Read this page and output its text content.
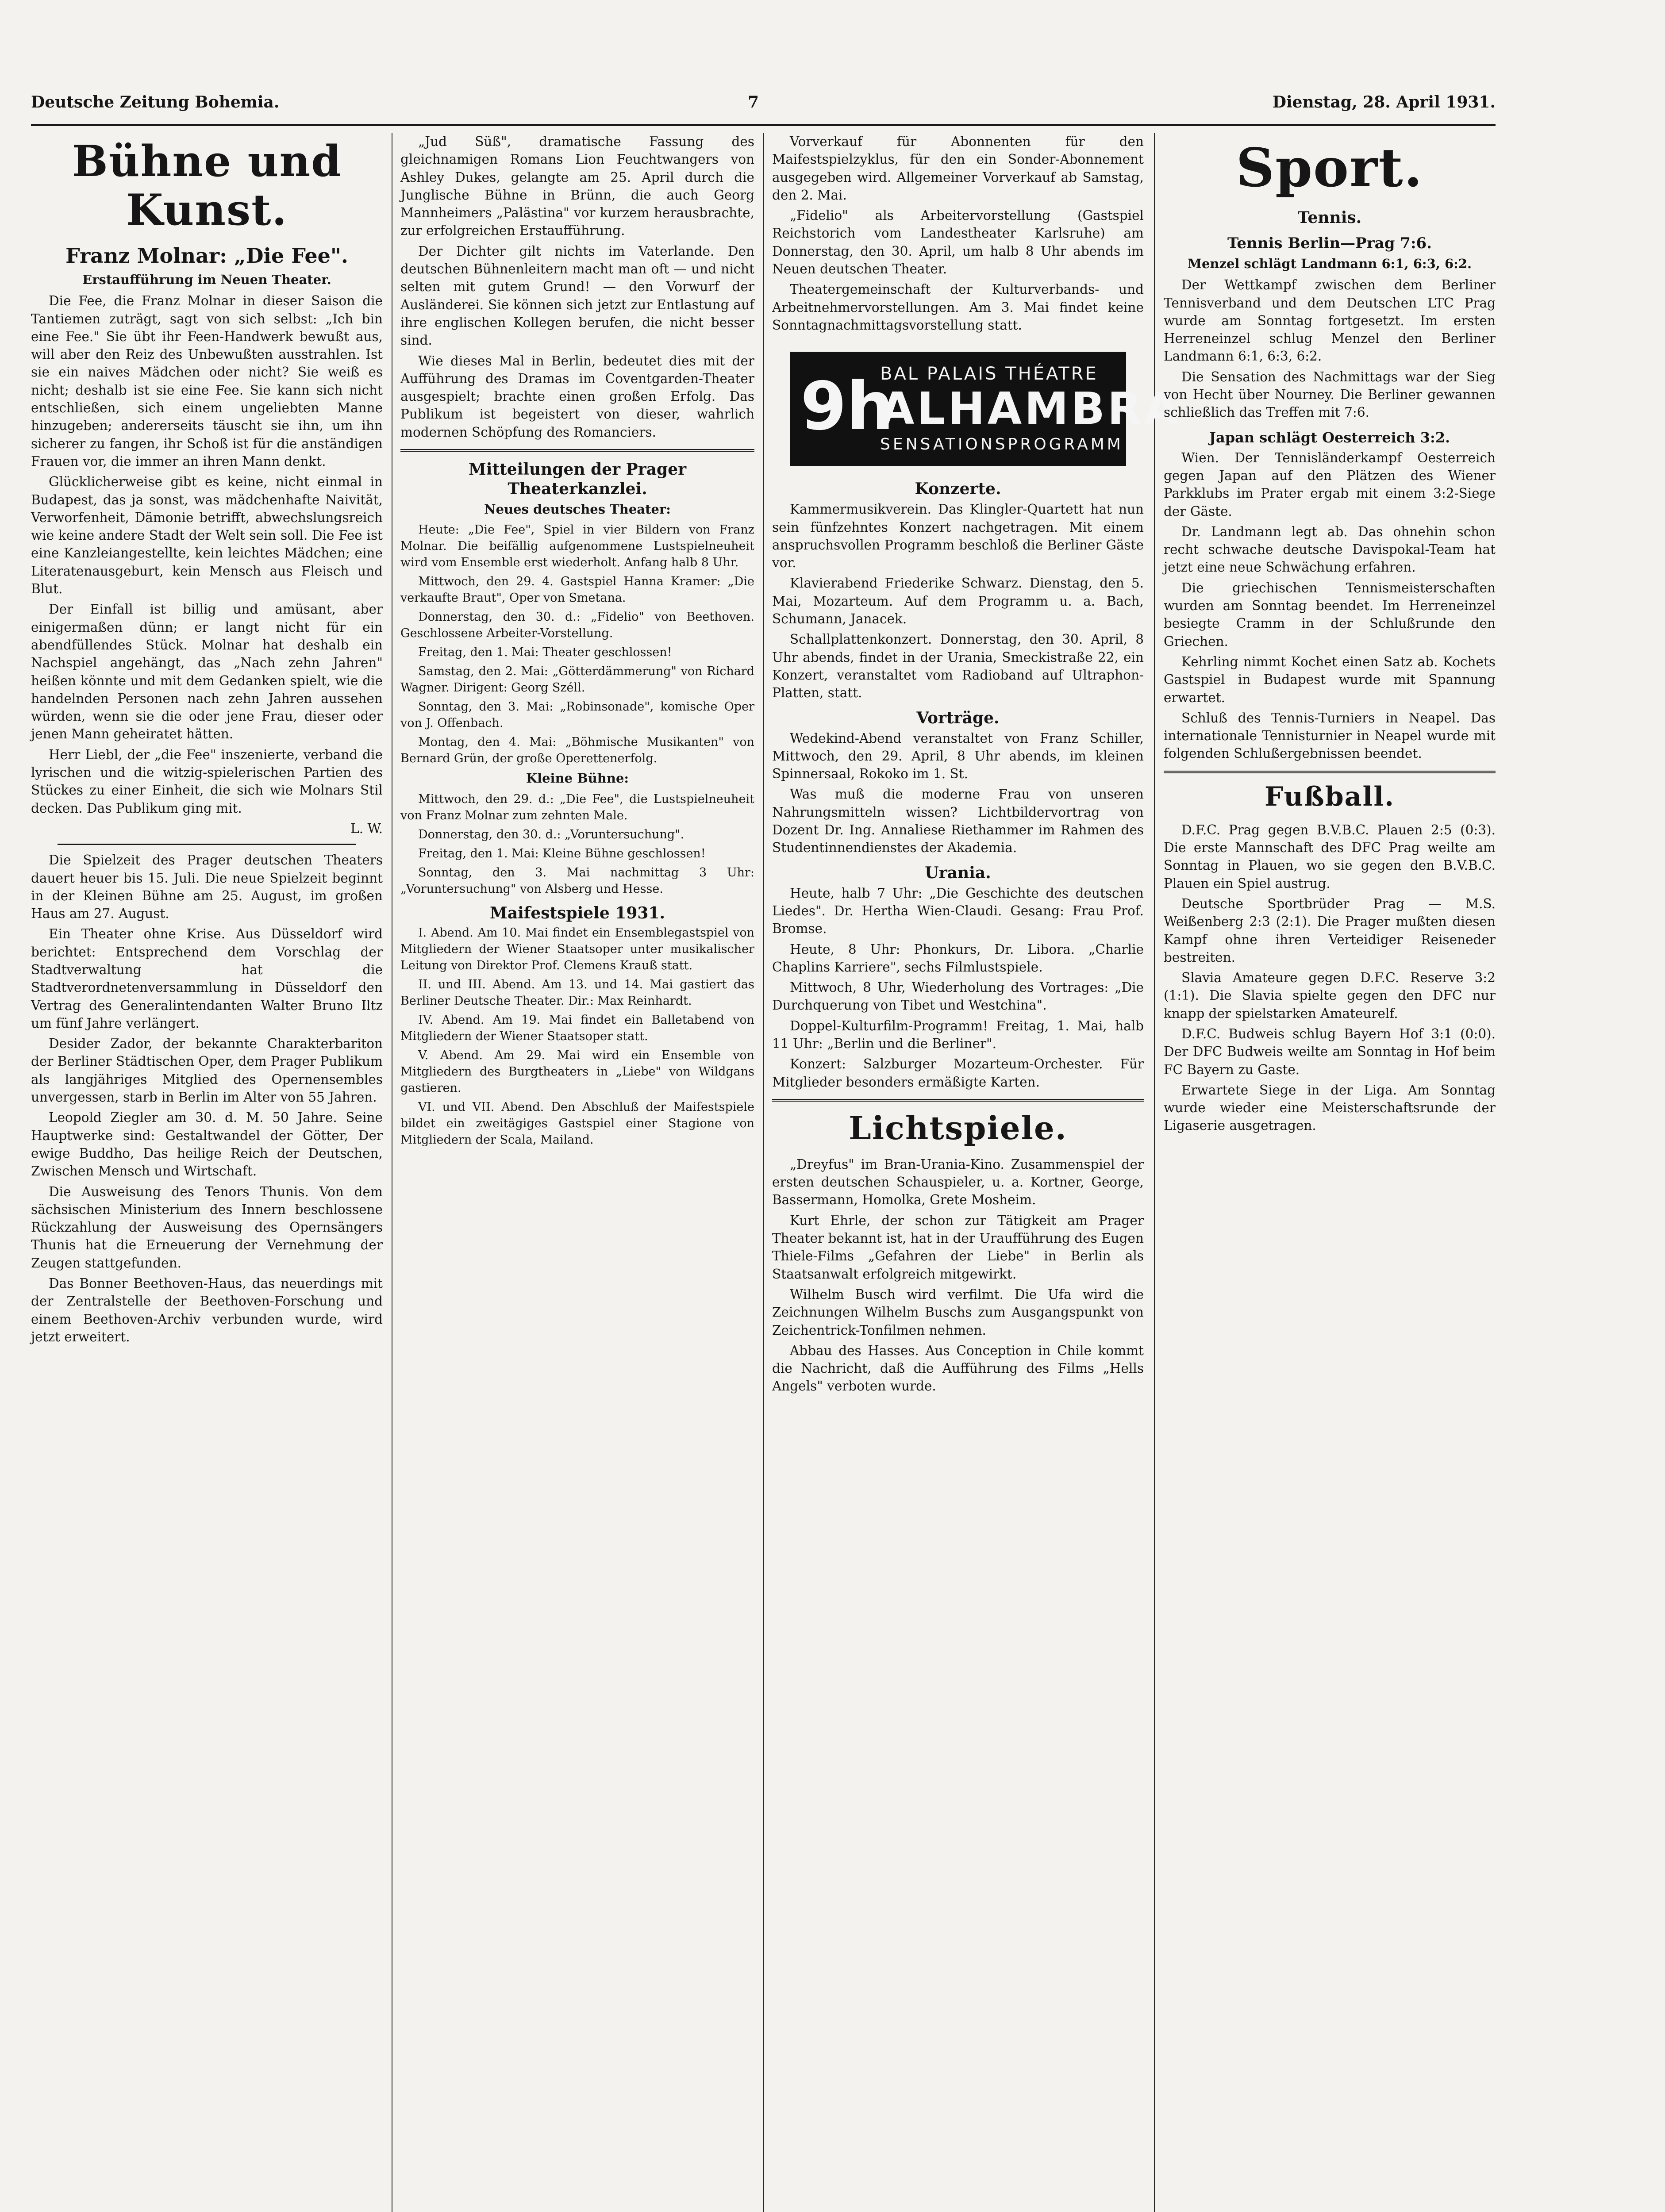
Deutsche Zeitung Bohemia.	7	Dienstag, 28. April 1931.
Bühne und Kunst.
Franz Molnar: „Die Fee".
Erstaufführung im Neuen Theater.

Die Fee, die Franz Molnar in dieser Saison die Tantiemen zuträgt, sagt von sich selbst: „Ich bin eine Fee." Sie übt ihr Feen-Handwerk bewußt aus, will aber den Reiz des Unbewußten ausstrahlen. Ist sie ein naives Mädchen oder nicht? Sie weiß es nicht; deshalb ist sie eine Fee. Sie kann sich nicht entschließen, sich einem ungeliebten Manne hinzugeben; andererseits täuscht sie ihn, um ihn sicherer zu fangen, ihr Schoß ist für die anständigen Frauen vor, die immer an ihren Mann denkt.

Glücklicherweise gibt es keine, nicht einmal in Budapest, das ja sonst, was mädchenhafte Naivität, Verworfenheit, Dämonie betrifft, abwechslungsreich wie keine andere Stadt der Welt sein soll. Die Fee ist eine Kanzleiangestellte, kein leichtes Mädchen; eine Literatenausgeburt, kein Mensch aus Fleisch und Blut.

Der Einfall ist billig und amüsant, aber einigermaßen dünn; er langt nicht für ein abendfüllendes Stück. Molnar hat deshalb ein Nachspiel angehängt, das „Nach zehn Jahren" heißen könnte und mit dem Gedanken spielt, wie die handelnden Personen nach zehn Jahren aussehen würden, wenn sie die oder jene Frau, dieser oder jenen Mann geheiratet hätten.

Herr Liebl, der „die Fee" inszenierte, verband die lyrischen und die witzig-spielerischen Partien des Stückes zu einer Einheit, die sich wie Molnars Stil decken. Das Publikum ging mit.

L. W.

Die Spielzeit des Prager deutschen Theaters dauert heuer bis 15. Juli. Die neue Spielzeit beginnt in der Kleinen Bühne am 25. August, im großen Haus am 27. August.

Ein Theater ohne Krise. Aus Düsseldorf wird berichtet: Entsprechend dem Vorschlag der Stadtverwaltung hat die Stadtverordnetenversammlung in Düsseldorf den Vertrag des Generalintendanten Walter Bruno Iltz um fünf Jahre verlängert.

Desider Zador, der bekannte Charakterbariton der Berliner Städtischen Oper, dem Prager Publikum als langjähriges Mitglied des Opernensembles unvergessen, starb in Berlin im Alter von 55 Jahren.

Leopold Ziegler am 30. d. M. 50 Jahre. Seine Hauptwerke sind: Gestaltwandel der Götter, Der ewige Buddho, Das heilige Reich der Deutschen, Zwischen Mensch und Wirtschaft.

Die Ausweisung des Tenors Thunis. Von dem sächsischen Ministerium des Innern beschlossene Rückzahlung der Ausweisung des Opernsängers Thunis hat die Erneuerung der Vernehmung der Zeugen stattgefunden.

Das Bonner Beethoven-Haus, das neuerdings mit der Zentralstelle der Beethoven-Forschung und einem Beethoven-Archiv verbunden wurde, wird jetzt erweitert.

„Jud Süß", dramatische Fassung des gleichnamigen Romans Lion Feuchtwangers von Ashley Dukes, gelangte am 25. April durch die Junglische Bühne in Brünn, die auch Georg Mannheimers „Palästina" vor kurzem herausbrachte, zur erfolgreichen Erstaufführung.

Der Dichter gilt nichts im Vaterlande. Den deutschen Bühnenleitern macht man oft — und nicht selten mit gutem Grund! — den Vorwurf der Ausländerei. Sie können sich jetzt zur Entlastung auf ihre englischen Kollegen berufen, die nicht besser sind.

Wie dieses Mal in Berlin, bedeutet dies mit der Aufführung des Dramas im Coventgarden-Theater ausgespielt; brachte einen großen Erfolg. Das Publikum ist begeistert von dieser, wahrlich modernen Schöpfung des Romanciers.

Mitteilungen der Prager Theaterkanzlei.
Neues deutsches Theater:

Heute: „Die Fee", Spiel in vier Bildern von Franz Molnar. Die beifällig aufgenommene Lustspielneuheit wird vom Ensemble erst wiederholt. Anfang halb 8 Uhr.

Mittwoch, den 29. 4. Gastspiel Hanna Kramer: „Die verkaufte Braut", Oper von Smetana.

Donnerstag, den 30. d.: „Fidelio" von Beethoven. Geschlossene Arbeiter-Vorstellung.

Freitag, den 1. Mai: Theater geschlossen!

Samstag, den 2. Mai: „Götterdämmerung" von Richard Wagner. Dirigent: Georg Széll.

Sonntag, den 3. Mai: „Robinsonade", komische Oper von J. Offenbach.

Montag, den 4. Mai: „Böhmische Musikanten" von Bernard Grün, der große Operettenerfolg.

Kleine Bühne:

Mittwoch, den 29. d.: „Die Fee", die Lustspielneuheit von Franz Molnar zum zehnten Male.

Donnerstag, den 30. d.: „Voruntersuchung".

Freitag, den 1. Mai: Kleine Bühne geschlossen!

Sonntag, den 3. Mai nachmittag 3 Uhr: „Voruntersuchung" von Alsberg und Hesse.

Maifestspiele 1931.

I. Abend. Am 10. Mai findet ein Ensemblegastspiel von Mitgliedern der Wiener Staatsoper unter musikalischer Leitung von Direktor Prof. Clemens Krauß statt.

II. und III. Abend. Am 13. und 14. Mai gastiert das Berliner Deutsche Theater. Dir.: Max Reinhardt.

IV. Abend. Am 19. Mai findet ein Balletabend von Mitgliedern der Wiener Staatsoper statt.

V. Abend. Am 29. Mai wird ein Ensemble von Mitgliedern des Burgtheaters in „Liebe" von Wildgans gastieren.

VI. und VII. Abend. Den Abschluß der Maifestspiele bildet ein zweitägiges Gastspiel einer Stagione von Mitgliedern der Scala, Mailand.

Vorverkauf für Abonnenten für den Maifestspielzyklus, für den ein Sonder-Abonnement ausgegeben wird. Allgemeiner Vorverkauf ab Samstag, den 2. Mai.

„Fidelio" als Arbeitervorstellung (Gastspiel Reichstorich vom Landestheater Karlsruhe) am Donnerstag, den 30. April, um halb 8 Uhr abends im Neuen deutschen Theater.

Theatergemeinschaft der Kulturverbands- und Arbeitnehmervorstellungen. Am 3. Mai findet keine Sonntagnachmittagsvorstellung statt.

9h
BAL PALAIS THÉATRE
ALHAMBRA
SENSATIONSPROGRAMM
Konzerte.

Kammermusikverein. Das Klingler-Quartett hat nun sein fünfzehntes Konzert nachgetragen. Mit einem anspruchsvollen Programm beschloß die Berliner Gäste vor.

Klavierabend Friederike Schwarz. Dienstag, den 5. Mai, Mozarteum. Auf dem Programm u. a. Bach, Schumann, Janacek.

Schallplattenkonzert. Donnerstag, den 30. April, 8 Uhr abends, findet in der Urania, Smeckistraße 22, ein Konzert, veranstaltet vom Radioband auf Ultraphon-Platten, statt.

Vorträge.

Wedekind-Abend veranstaltet von Franz Schiller, Mittwoch, den 29. April, 8 Uhr abends, im kleinen Spinnersaal, Rokoko im 1. St.

Was muß die moderne Frau von unseren Nahrungsmitteln wissen? Lichtbildervortrag von Dozent Dr. Ing. Annaliese Riethammer im Rahmen des Studentinnendienstes der Akademia.

Urania.

Heute, halb 7 Uhr: „Die Geschichte des deutschen Liedes". Dr. Hertha Wien-Claudi. Gesang: Frau Prof. Bromse.

Heute, 8 Uhr: Phonkurs, Dr. Libora. „Charlie Chaplins Karriere", sechs Filmlustspiele.

Mittwoch, 8 Uhr, Wiederholung des Vortrages: „Die Durchquerung von Tibet und Westchina".

Doppel-Kulturfilm-Programm! Freitag, 1. Mai, halb 11 Uhr: „Berlin und die Berliner".

Konzert: Salzburger Mozarteum-Orchester. Für Mitglieder besonders ermäßigte Karten.

Lichtspiele.

„Dreyfus" im Bran-Urania-Kino. Zusammenspiel der ersten deutschen Schauspieler, u. a. Kortner, George, Bassermann, Homolka, Grete Mosheim.

Kurt Ehrle, der schon zur Tätigkeit am Prager Theater bekannt ist, hat in der Uraufführung des Eugen Thiele-Films „Gefahren der Liebe" in Berlin als Staatsanwalt erfolgreich mitgewirkt.

Wilhelm Busch wird verfilmt. Die Ufa wird die Zeichnungen Wilhelm Buschs zum Ausgangspunkt von Zeichentrick-Tonfilmen nehmen.

Abbau des Hasses. Aus Conception in Chile kommt die Nachricht, daß die Aufführung des Films „Hells Angels" verboten wurde.

Sport.
Tennis.
Tennis Berlin—Prag 7:6.
Menzel schlägt Landmann 6:1, 6:3, 6:2.

Der Wettkampf zwischen dem Berliner Tennisverband und dem Deutschen LTC Prag wurde am Sonntag fortgesetzt. Im ersten Herreneinzel schlug Menzel den Berliner Landmann 6:1, 6:3, 6:2.

Die Sensation des Nachmittags war der Sieg von Hecht über Nourney. Die Berliner gewannen schließlich das Treffen mit 7:6.

Japan schlägt Oesterreich 3:2.

Wien. Der Tennisländerkampf Oesterreich gegen Japan auf den Plätzen des Wiener Parkklubs im Prater ergab mit einem 3:2-Siege der Gäste.

Dr. Landmann legt ab. Das ohnehin schon recht schwache deutsche Davispokal-Team hat jetzt eine neue Schwächung erfahren.

Die griechischen Tennismeisterschaften wurden am Sonntag beendet. Im Herreneinzel besiegte Cramm in der Schlußrunde den Griechen.

Kehrling nimmt Kochet einen Satz ab. Kochets Gastspiel in Budapest wurde mit Spannung erwartet.

Schluß des Tennis-Turniers in Neapel. Das internationale Tennisturnier in Neapel wurde mit folgenden Schlußergebnissen beendet.

Fußball.

D.F.C. Prag gegen B.V.B.C. Plauen 2:5 (0:3). Die erste Mannschaft des DFC Prag weilte am Sonntag in Plauen, wo sie gegen den B.V.B.C. Plauen ein Spiel austrug.

Deutsche Sportbrüder Prag — M.S. Weißenberg 2:3 (2:1). Die Prager mußten diesen Kampf ohne ihren Verteidiger Reiseneder bestreiten.

Slavia Amateure gegen D.F.C. Reserve 3:2 (1:1). Die Slavia spielte gegen den DFC nur knapp der spielstarken Amateurelf.

D.F.C. Budweis schlug Bayern Hof 3:1 (0:0). Der DFC Budweis weilte am Sonntag in Hof beim FC Bayern zu Gaste.

Erwartete Siege in der Liga. Am Sonntag wurde wieder eine Meisterschaftsrunde der Ligaserie ausgetragen.
